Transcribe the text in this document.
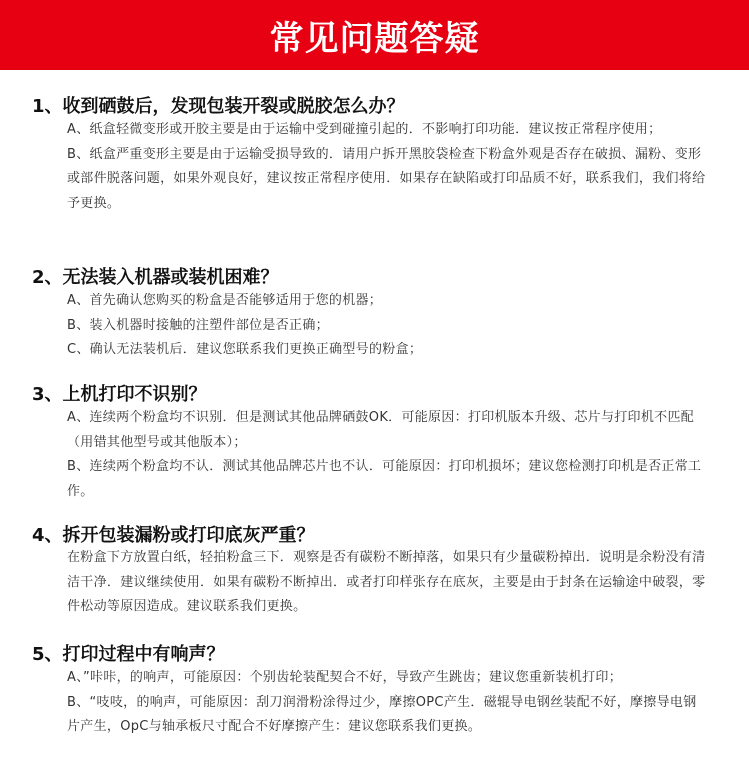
常见问题答疑
1、收到硒鼓后，发现包装开裂或脱胶怎么办？

A、纸盒轻微变形或开胶主要是由于运输中受到碰撞引起的．不影响打印功能．建议按正常程序使用；

B、纸盒严重变形主要是由于运输受损导致的．请用户拆开黑胶袋检查下粉盒外观是否存在破损、漏粉、变形或部件脱落问题，如果外观良好，建议按正常程序使用．如果存在缺陷或打印品质不好，联系我们，我们将给予更换。

2、无法装入机器或装机困难？

A、首先确认您购买的粉盒是否能够适用于您的机器；

B、装入机器时接触的注塑件部位是否正确；

C、确认无法装机后．建议您联系我们更换正确型号的粉盒；

3、上机打印不识别？

A、连续两个粉盒均不识别．但是测试其他品牌硒鼓OK．可能原因：打印机版本升级、芯片与打印机不匹配（用错其他型号或其他版本）；

B、连续两个粉盒均不认．测试其他品牌芯片也不认．可能原因：打印机损坏；建议您检测打印机是否正常工作。

4、拆开包装漏粉或打印底灰严重？

在粉盒下方放置白纸，轻拍粉盒三下．观察是否有碳粉不断掉落，如果只有少量碳粉掉出．说明是余粉没有清洁干净．建议继续使用．如果有碳粉不断掉出．或者打印样张存在底灰，主要是由于封条在运输途中破裂，零件松动等原因造成。建议联系我们更换。

5、打印过程中有响声？

A、”咔咔，的响声，可能原因：个别齿轮装配契合不好，导致产生跳齿；建议您重新装机打印；

B、“吱吱，的响声，可能原因：刮刀润滑粉涂得过少，摩擦OPC产生．磁辊导电钢丝装配不好，摩擦导电钢片产生，OpC与轴承板尺寸配合不好摩擦产生：建议您联系我们更换。
